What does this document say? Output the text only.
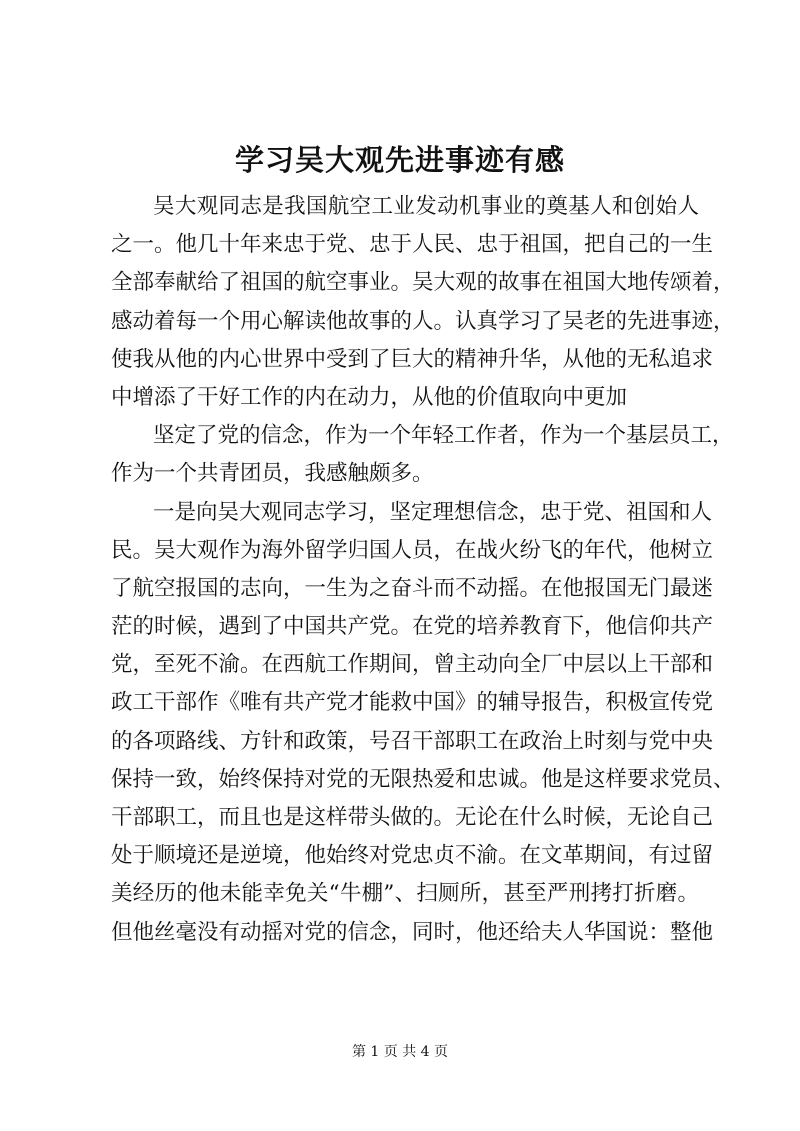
学习吴大观先进事迹有感
吴大观同志是我国航空工业发动机事业的奠基人和创始人
之一。他几十年来忠于党、忠于人民、忠于祖国，把自己的一生
全部奉献给了祖国的航空事业。吴大观的故事在祖国大地传颂着，
感动着每一个用心解读他故事的人。认真学习了吴老的先进事迹，
使我从他的内心世界中受到了巨大的精神升华，从他的无私追求
中增添了干好工作的内在动力，从他的价值取向中更加
坚定了党的信念，作为一个年轻工作者，作为一个基层员工，
作为一个共青团员，我感触颇多。
一是向吴大观同志学习，坚定理想信念，忠于党、祖国和人
民。吴大观作为海外留学归国人员，在战火纷飞的年代，他树立
了航空报国的志向，一生为之奋斗而不动摇。在他报国无门最迷
茫的时候，遇到了中国共产党。在党的培养教育下，他信仰共产
党，至死不渝。在西航工作期间，曾主动向全厂中层以上干部和
政工干部作《唯有共产党才能救中国》的辅导报告，积极宣传党
的各项路线、方针和政策，号召干部职工在政治上时刻与党中央
保持一致，始终保持对党的无限热爱和忠诚。他是这样要求党员、
干部职工，而且也是这样带头做的。无论在什么时候，无论自己
处于顺境还是逆境，他始终对党忠贞不渝。在文革期间，有过留
美经历的他未能幸免关“牛棚”、扫厕所，甚至严刑拷打折磨。
但他丝毫没有动摇对党的信念，同时，他还给夫人华国说：整他
第 1 页 共 4 页
